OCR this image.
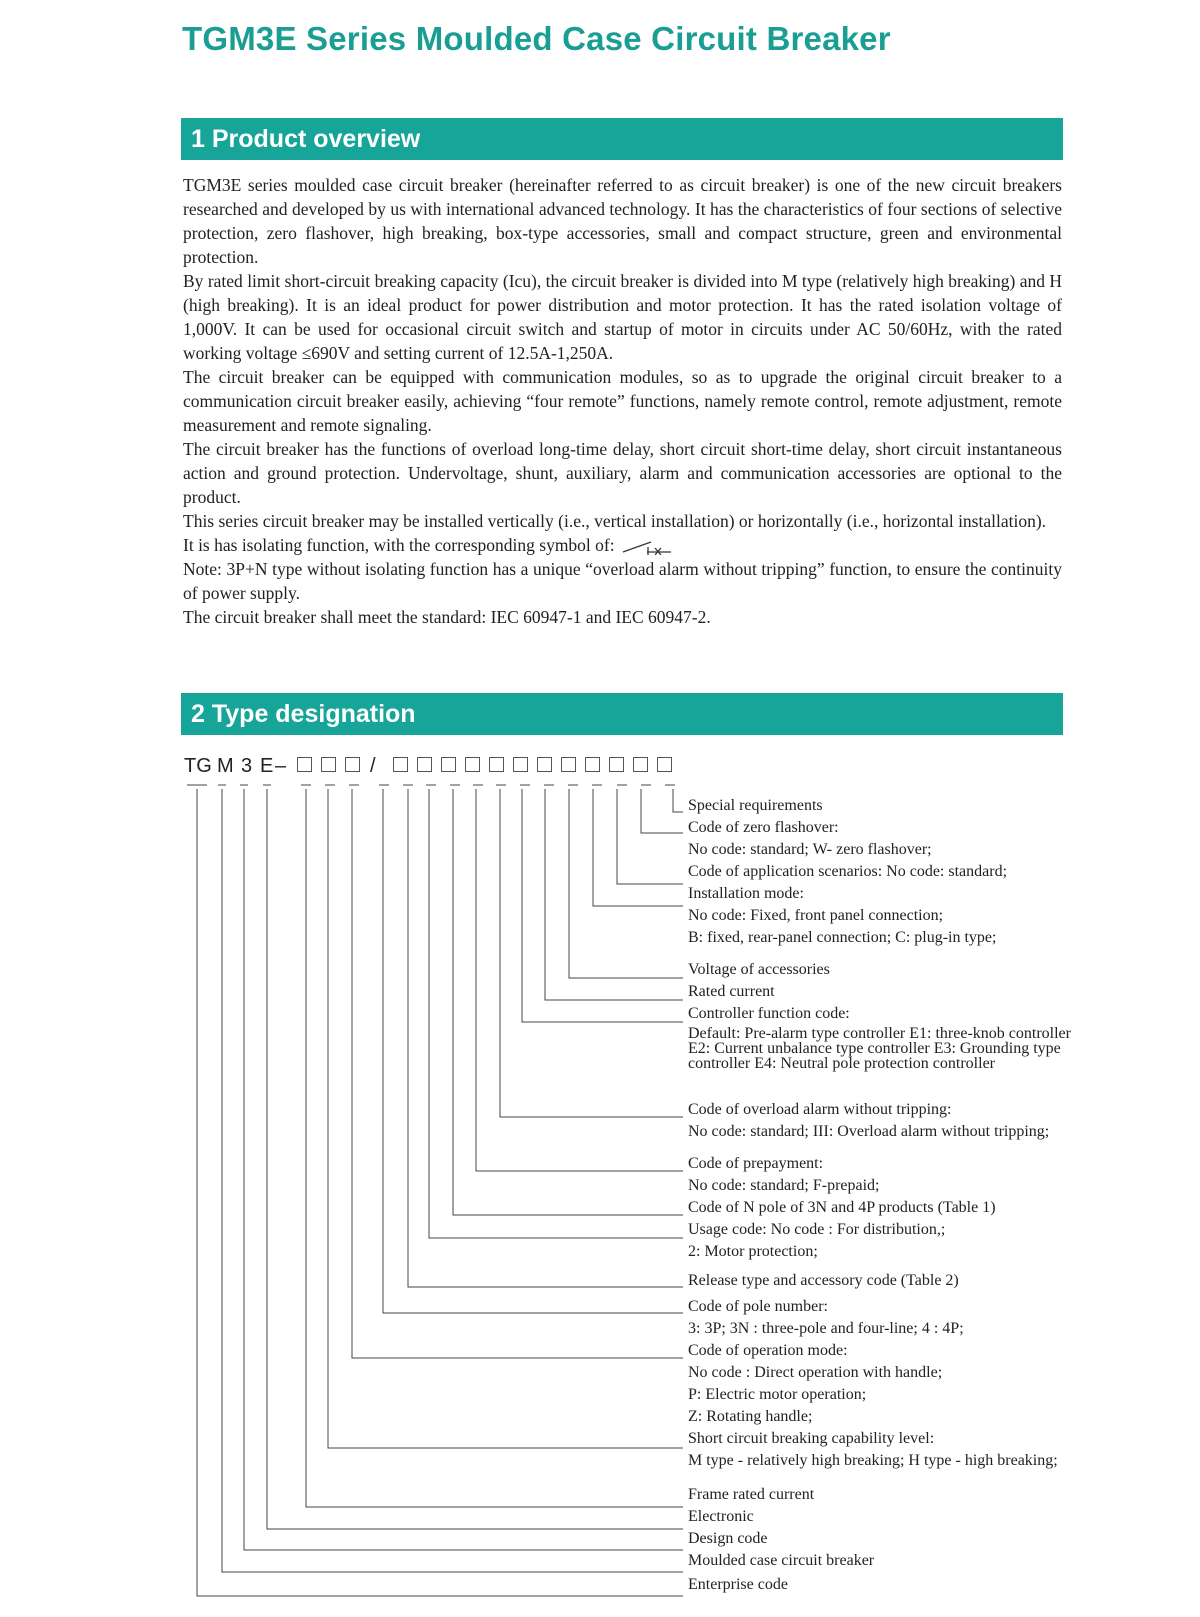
TGM3E Series Moulded Case Circuit Breaker
1 Product overview

TGM3E series moulded case circuit breaker (hereinafter referred to as circuit breaker) is one of the new circuit breakers researched and developed by us with international advanced technology. It has the characteristics of four sections of selective protection, zero flashover, high breaking, box-type accessories, small and compact structure, green and environmental protection.

By rated limit short-circuit breaking capacity (Icu), the circuit breaker is divided into M type (relatively high breaking) and H (high breaking). It is an ideal product for power distribution and motor protection. It has the rated isolation voltage of 1,000V. It can be used for occasional circuit switch and startup of motor in circuits under AC 50/60Hz, with the rated working voltage ≤690V and setting current of 12.5A-1,250A.

The circuit breaker can be equipped with communication modules, so as to upgrade the original circuit breaker to a communication circuit breaker easily, achieving “four remote” functions, namely remote control, remote adjustment, remote measurement and remote signaling.

The circuit breaker has the functions of overload long-time delay, short circuit short-time delay, short circuit instantaneous action and ground protection. Undervoltage, shunt, auxiliary, alarm and communication accessories are optional to the product.

This series circuit breaker may be installed vertically (i.e., vertical installation) or horizontally (i.e., horizontal installation).

It is has isolating function, with the corresponding symbol of:

Note: 3P+N type without isolating function has a unique “overload alarm without tripping” function, to ensure the continuity of power supply.

The circuit breaker shall meet the standard: IEC 60947-1 and IEC 60947-2.

2 Type designation
TG M 3 E –	/
Special requirements
Code of zero flashover:
No code: standard; W- zero flashover;
Code of application scenarios: No code: standard;
Installation mode:
No code: Fixed, front panel connection;
B: fixed, rear-panel connection; C: plug-in type;
Voltage of accessories
Rated current
Controller function code:
Default: Pre-alarm type controller E1: three-knob controller E2: Current unbalance type controller E3: Grounding type controller E4: Neutral pole protection controller
Code of overload alarm without tripping:
No code: standard; III: Overload alarm without tripping;
Code of prepayment:
No code: standard; F-prepaid;
Code of N pole of 3N and 4P products (Table 1)
Usage code: No code : For distribution,;
2: Motor protection;
Release type and accessory code (Table 2)
Code of pole number:
3: 3P; 3N : three-pole and four-line; 4 : 4P;
Code of operation mode:
No code : Direct operation with handle;
P: Electric motor operation;
Z: Rotating handle;
Short circuit breaking capability level:
M type - relatively high breaking; H type - high breaking;
Frame rated current
Electronic
Design code
Moulded case circuit breaker
Enterprise code
